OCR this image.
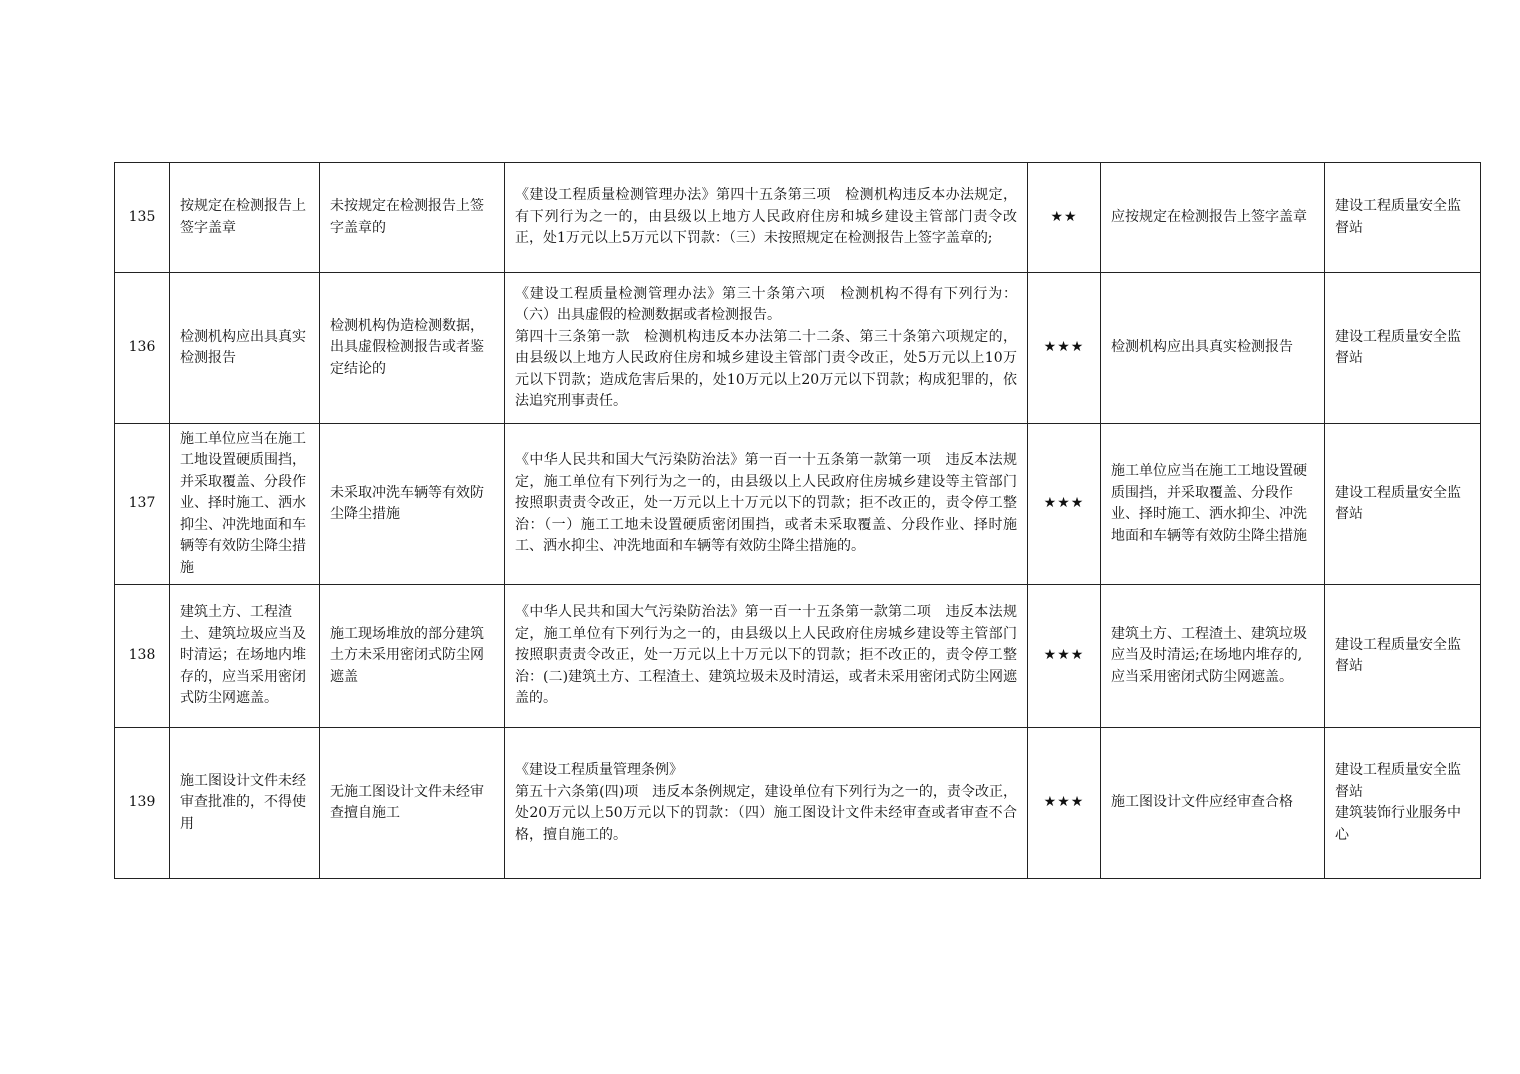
135	按规定在检测报告上签字盖章	未按规定在检测报告上签字盖章的	《建设工程质量检测管理办法》第四十五条第三项　检测机构违反本办法规定，有下列行为之一的，由县级以上地方人民政府住房和城乡建设主管部门责令改正，处1万元以上5万元以下罚款：（三）未按照规定在检测报告上签字盖章的;	★★	应按规定在检测报告上签字盖章	建设工程质量安全监督站

136	检测机构应出具真实检测报告	检测机构伪造检测数据，出具虚假检测报告或者鉴定结论的	《建设工程质量检测管理办法》第三十条第六项　检测机构不得有下列行为：（六）出具虚假的检测数据或者检测报告。
第四十三条第一款　检测机构违反本办法第二十二条、第三十条第六项规定的，由县级以上地方人民政府住房和城乡建设主管部门责令改正，处5万元以上10万元以下罚款；造成危害后果的，处10万元以上20万元以下罚款；构成犯罪的，依法追究刑事责任。	★★★	检测机构应出具真实检测报告	建设工程质量安全监督站

137	施工单位应当在施工工地设置硬质围挡，并采取覆盖、分段作业、择时施工、洒水抑尘、冲洗地面和车辆等有效防尘降尘措施	未采取冲洗车辆等有效防尘降尘措施	《中华人民共和国大气污染防治法》第一百一十五条第一款第一项　违反本法规定，施工单位有下列行为之一的，由县级以上人民政府住房城乡建设等主管部门按照职责责令改正，处一万元以上十万元以下的罚款；拒不改正的，责令停工整治：（一）施工工地未设置硬质密闭围挡，或者未采取覆盖、分段作业、择时施工、洒水抑尘、冲洗地面和车辆等有效防尘降尘措施的。	★★★	施工单位应当在施工工地设置硬质围挡，并采取覆盖、分段作业、择时施工、洒水抑尘、冲洗地面和车辆等有效防尘降尘措施	建设工程质量安全监督站

138	建筑土方、工程渣土、建筑垃圾应当及时清运；在场地内堆存的，应当采用密闭式防尘网遮盖。	施工现场堆放的部分建筑土方未采用密闭式防尘网遮盖	《中华人民共和国大气污染防治法》第一百一十五条第一款第二项　违反本法规定，施工单位有下列行为之一的，由县级以上人民政府住房城乡建设等主管部门按照职责责令改正，处一万元以上十万元以下的罚款；拒不改正的，责令停工整治：(二)建筑土方、工程渣土、建筑垃圾未及时清运，或者未采用密闭式防尘网遮盖的。	★★★	建筑土方、工程渣土、建筑垃圾应当及时清运;在场地内堆存的,应当采用密闭式防尘网遮盖。	建设工程质量安全监督站

139	施工图设计文件未经审查批准的，不得使用	无施工图设计文件未经审查擅自施工	《建设工程质量管理条例》
第五十六条第(四)项　违反本条例规定，建设单位有下列行为之一的，责令改正，处20万元以上50万元以下的罚款：（四）施工图设计文件未经审查或者审查不合格，擅自施工的。	★★★	施工图设计文件应经审查合格	建设工程质量安全监督站
建筑装饰行业服务中心
